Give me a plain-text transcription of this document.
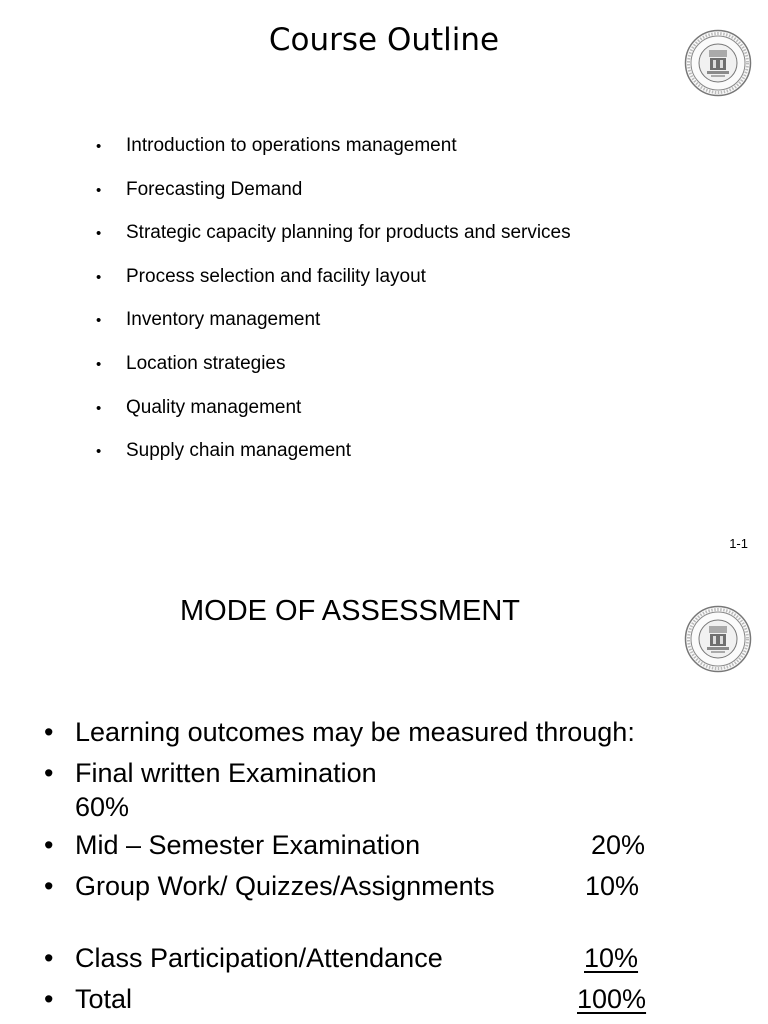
Course Outline
• Introduction to operations management
• Forecasting Demand
• Strategic capacity planning for products and services
• Process selection and facility layout
• Inventory management
• Location strategies
• Quality management
• Supply chain management
1-1
MODE OF ASSESSMENT
• Learning outcomes may be measured through:
• Final written Examination
60%
• Mid – Semester Examination	20%
• Group Work/ Quizzes/Assignments	10%
• Class Participation/Attendance	10%
• Total	100%
